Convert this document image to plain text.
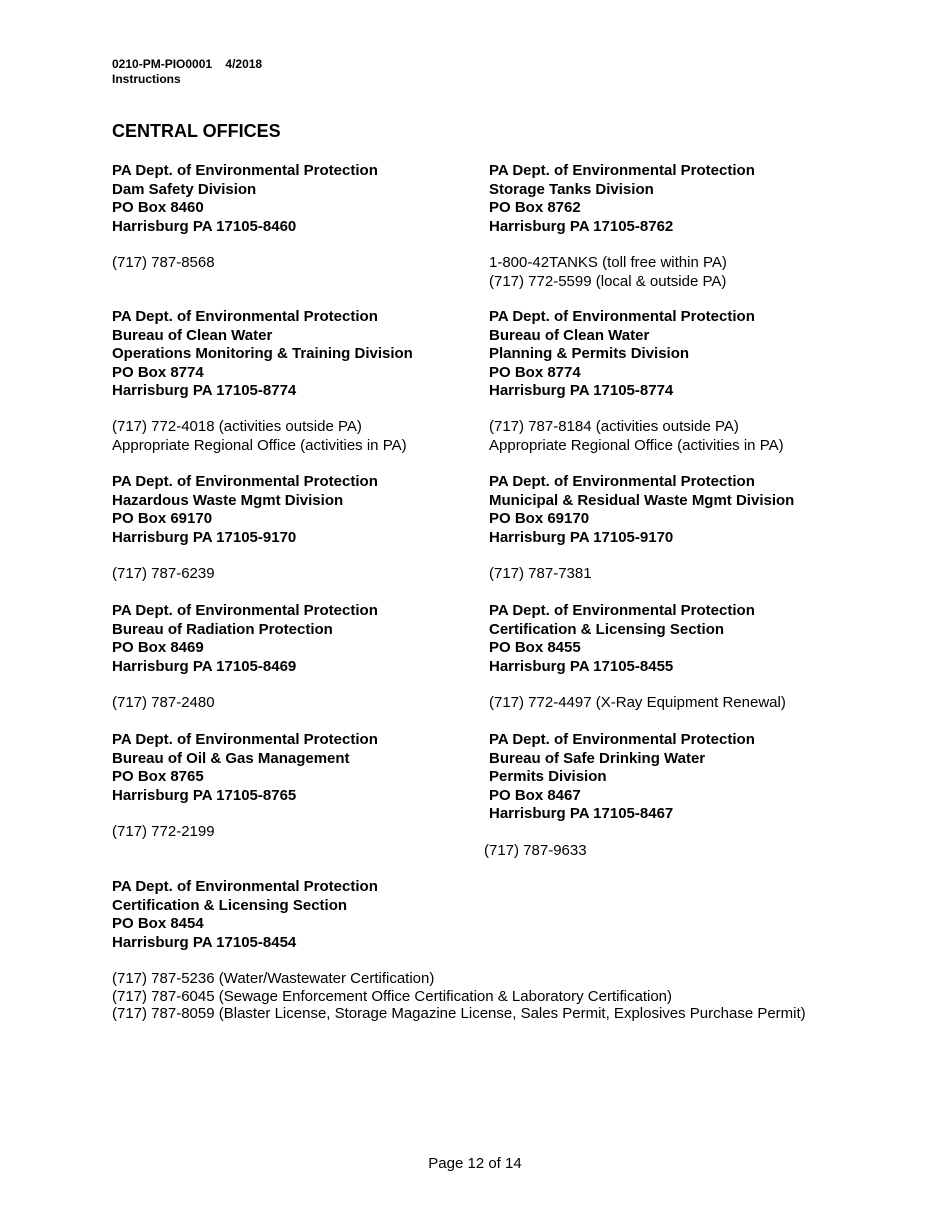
0210-PM-PIO0001 4/2018
Instructions
CENTRAL OFFICES
PA Dept. of Environmental Protection
Dam Safety Division
PO Box 8460
Harrisburg PA 17105-8460
(717) 787-8568
PA Dept. of Environmental Protection
Storage Tanks Division
PO Box 8762
Harrisburg PA 17105-8762
1-800-42TANKS (toll free within PA)
(717) 772-5599 (local & outside PA)
PA Dept. of Environmental Protection
Bureau of Clean Water
Operations Monitoring & Training Division
PO Box 8774
Harrisburg PA 17105-8774
(717) 772-4018 (activities outside PA)
Appropriate Regional Office (activities in PA)
PA Dept. of Environmental Protection
Bureau of Clean Water
Planning & Permits Division
PO Box 8774
Harrisburg PA 17105-8774
(717) 787-8184 (activities outside PA)
Appropriate Regional Office (activities in PA)
PA Dept. of Environmental Protection
Hazardous Waste Mgmt Division
PO Box 69170
Harrisburg PA 17105-9170
(717) 787-6239
PA Dept. of Environmental Protection
Municipal & Residual Waste Mgmt Division
PO Box 69170
Harrisburg PA 17105-9170
(717) 787-7381
PA Dept. of Environmental Protection
Bureau of Radiation Protection
PO Box 8469
Harrisburg PA 17105-8469
(717) 787-2480
PA Dept. of Environmental Protection
Certification & Licensing Section
PO Box 8455
Harrisburg PA 17105-8455
(717) 772-4497 (X-Ray Equipment Renewal)
PA Dept. of Environmental Protection
Bureau of Oil & Gas Management
PO Box 8765
Harrisburg PA 17105-8765
(717) 772-2199
PA Dept. of Environmental Protection
Bureau of Safe Drinking Water
Permits Division
PO Box 8467
Harrisburg PA 17105-8467
(717) 787-9633
PA Dept. of Environmental Protection
Certification & Licensing Section
PO Box 8454
Harrisburg PA 17105-8454
(717) 787-5236 (Water/Wastewater Certification)
(717) 787-6045 (Sewage Enforcement Office Certification & Laboratory Certification)
(717) 787-8059 (Blaster License, Storage Magazine License, Sales Permit, Explosives Purchase Permit)
Page 12 of 14
